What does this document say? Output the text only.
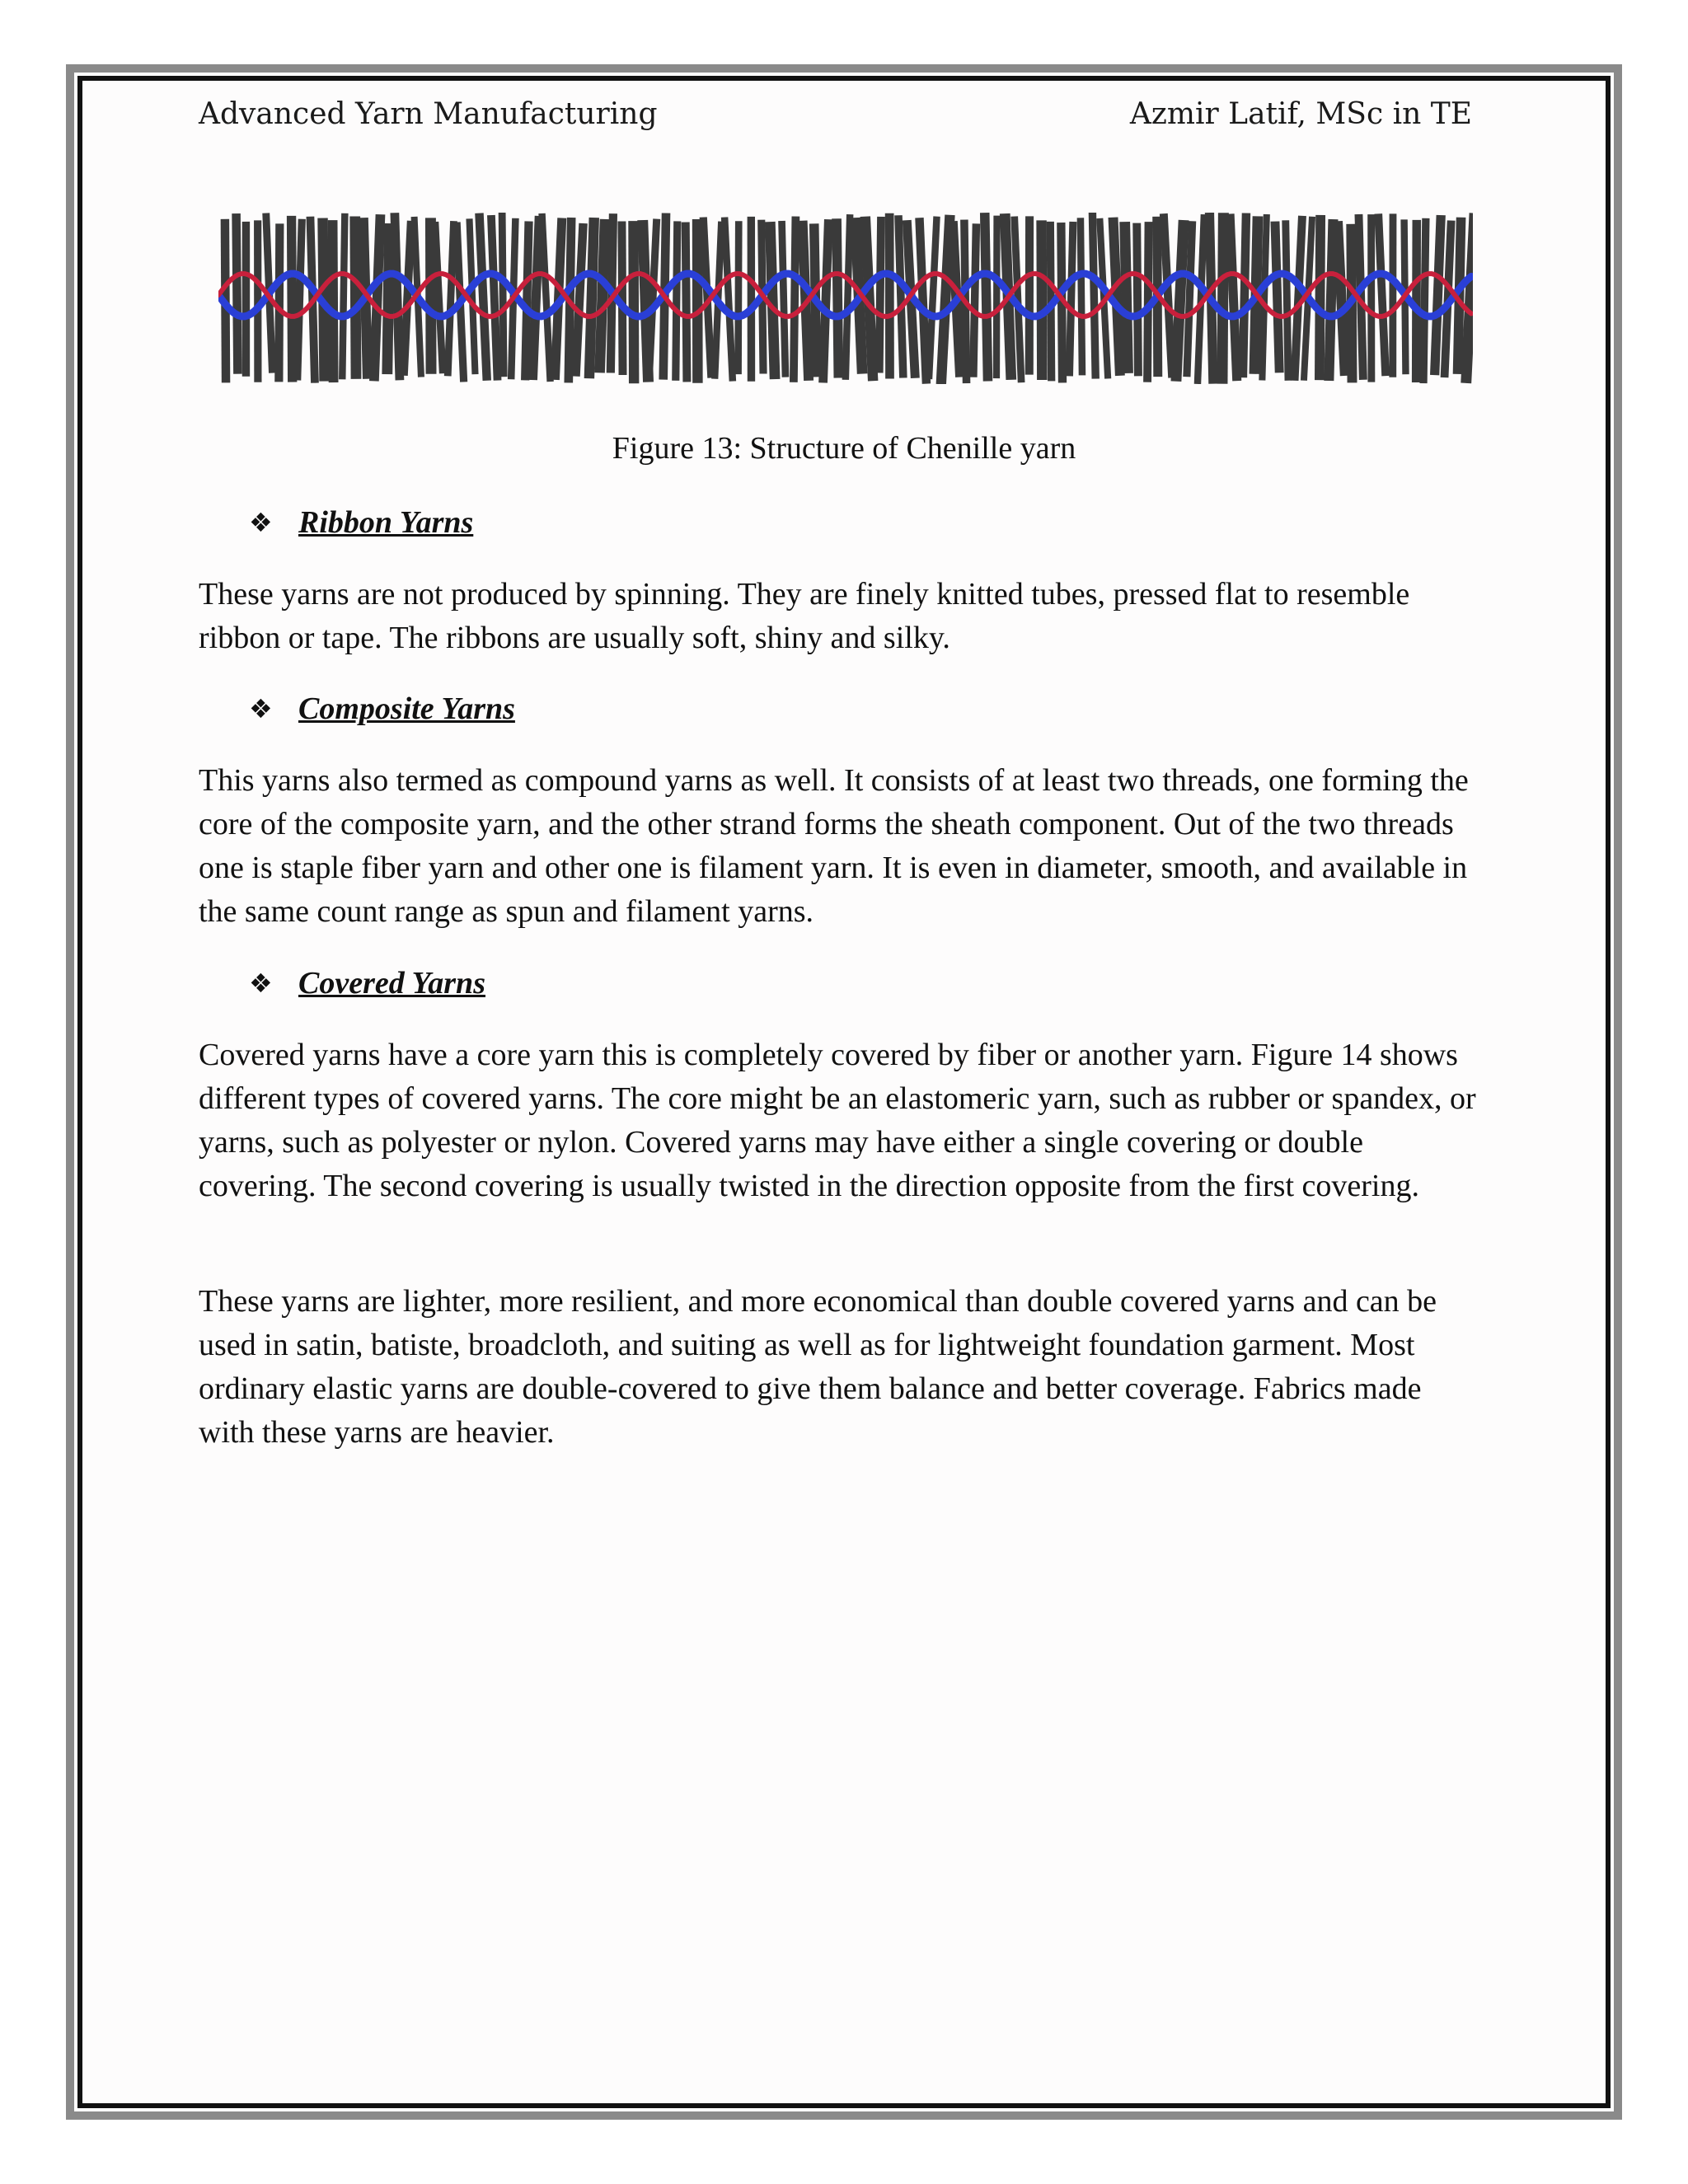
Advanced Yarn Manufacturing	Azmir Latif, MSc in TE
Figure 13: Structure of Chenille yarn
❖ Ribbon Yarns

These yarns are not produced by spinning. They are finely knitted tubes, pressed flat to resemble ribbon or tape. The ribbons are usually soft, shiny and silky.

❖ Composite Yarns

This yarns also termed as compound yarns as well. It consists of at least two threads, one forming the core of the composite yarn, and the other strand forms the sheath component. Out of the two threads one is staple fiber yarn and other one is filament yarn. It is even in diameter, smooth, and available in the same count range as spun and filament yarns.

❖ Covered Yarns

Covered yarns have a core yarn this is completely covered by fiber or another yarn. Figure 14 shows different types of covered yarns. The core might be an elastomeric yarn, such as rubber or spandex, or yarns, such as polyester or nylon. Covered yarns may have either a single covering or double covering. The second covering is usually twisted in the direction opposite from the first covering.

These yarns are lighter, more resilient, and more economical than double covered yarns and can be used in satin, batiste, broadcloth, and suiting as well as for lightweight foundation garment. Most ordinary elastic yarns are double-covered to give them balance and better coverage. Fabrics made with these yarns are heavier.
